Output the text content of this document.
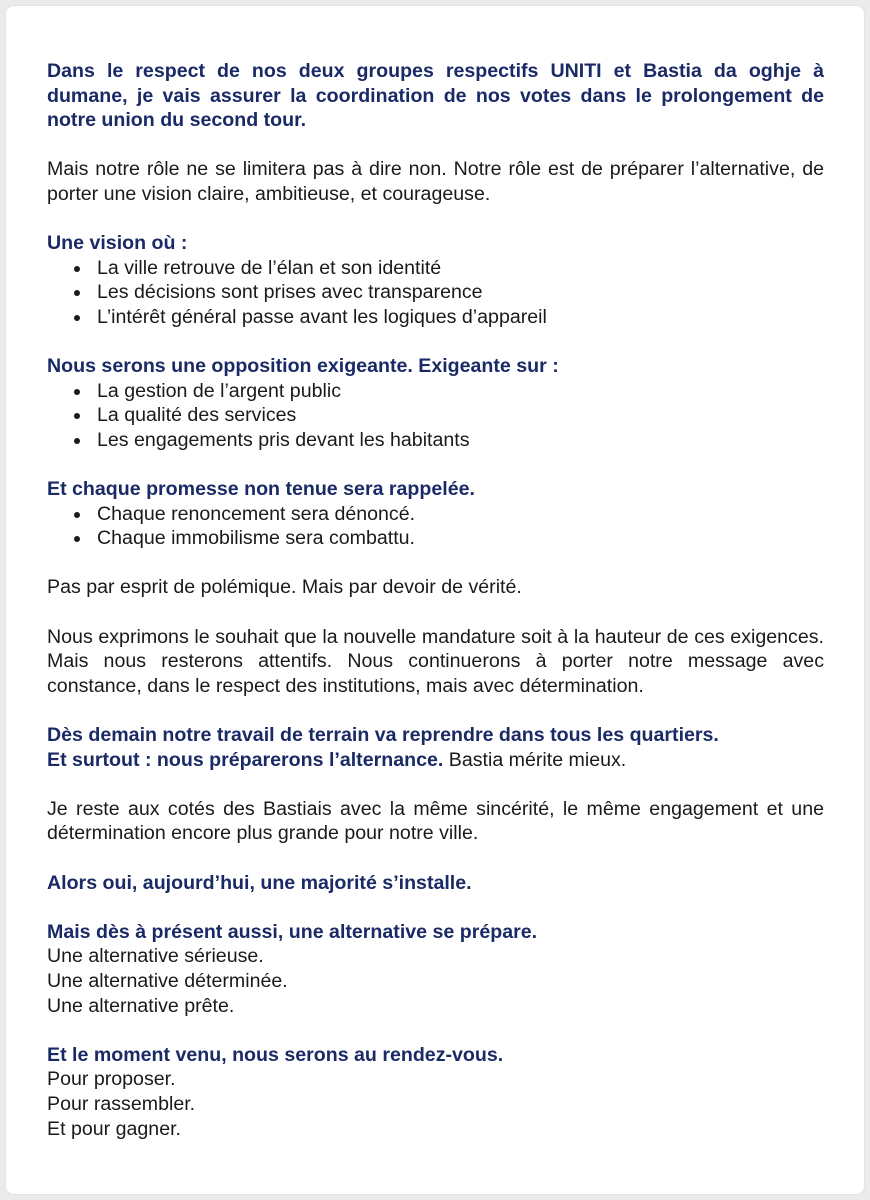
Dans le respect de nos deux groupes respectifs UNITI et Bastia da oghje à dumane, je vais assurer la coordination de nos votes dans le prolongement de notre union du second tour.

Mais notre rôle ne se limitera pas à dire non. Notre rôle est de préparer l’alternative, de porter une vision claire, ambitieuse, et courageuse.

Une vision où :

La ville retrouve de l’élan et son identité
Les décisions sont prises avec transparence
L’intérêt général passe avant les logiques d’appareil

Nous serons une opposition exigeante. Exigeante sur :

La gestion de l’argent public
La qualité des services
Les engagements pris devant les habitants

Et chaque promesse non tenue sera rappelée.

Chaque renoncement sera dénoncé.
Chaque immobilisme sera combattu.

Pas par esprit de polémique. Mais par devoir de vérité.

Nous exprimons le souhait que la nouvelle mandature soit à la hauteur de ces exigences. Mais nous resterons attentifs. Nous continuerons à porter notre message avec constance, dans le respect des institutions, mais avec détermination.

Dès demain notre travail de terrain va reprendre dans tous les quartiers.

Et surtout : nous préparerons l’alternance. Bastia mérite mieux.

Je reste aux cotés des Bastiais avec la même sincérité, le même engagement et une détermination encore plus grande pour notre ville.

Alors oui, aujourd’hui, une majorité s’installe.

Mais dès à présent aussi, une alternative se prépare.

Une alternative sérieuse.
Une alternative déterminée.
Une alternative prête.

Et le moment venu, nous serons au rendez-vous.

Pour proposer.
Pour rassembler.
Et pour gagner.
